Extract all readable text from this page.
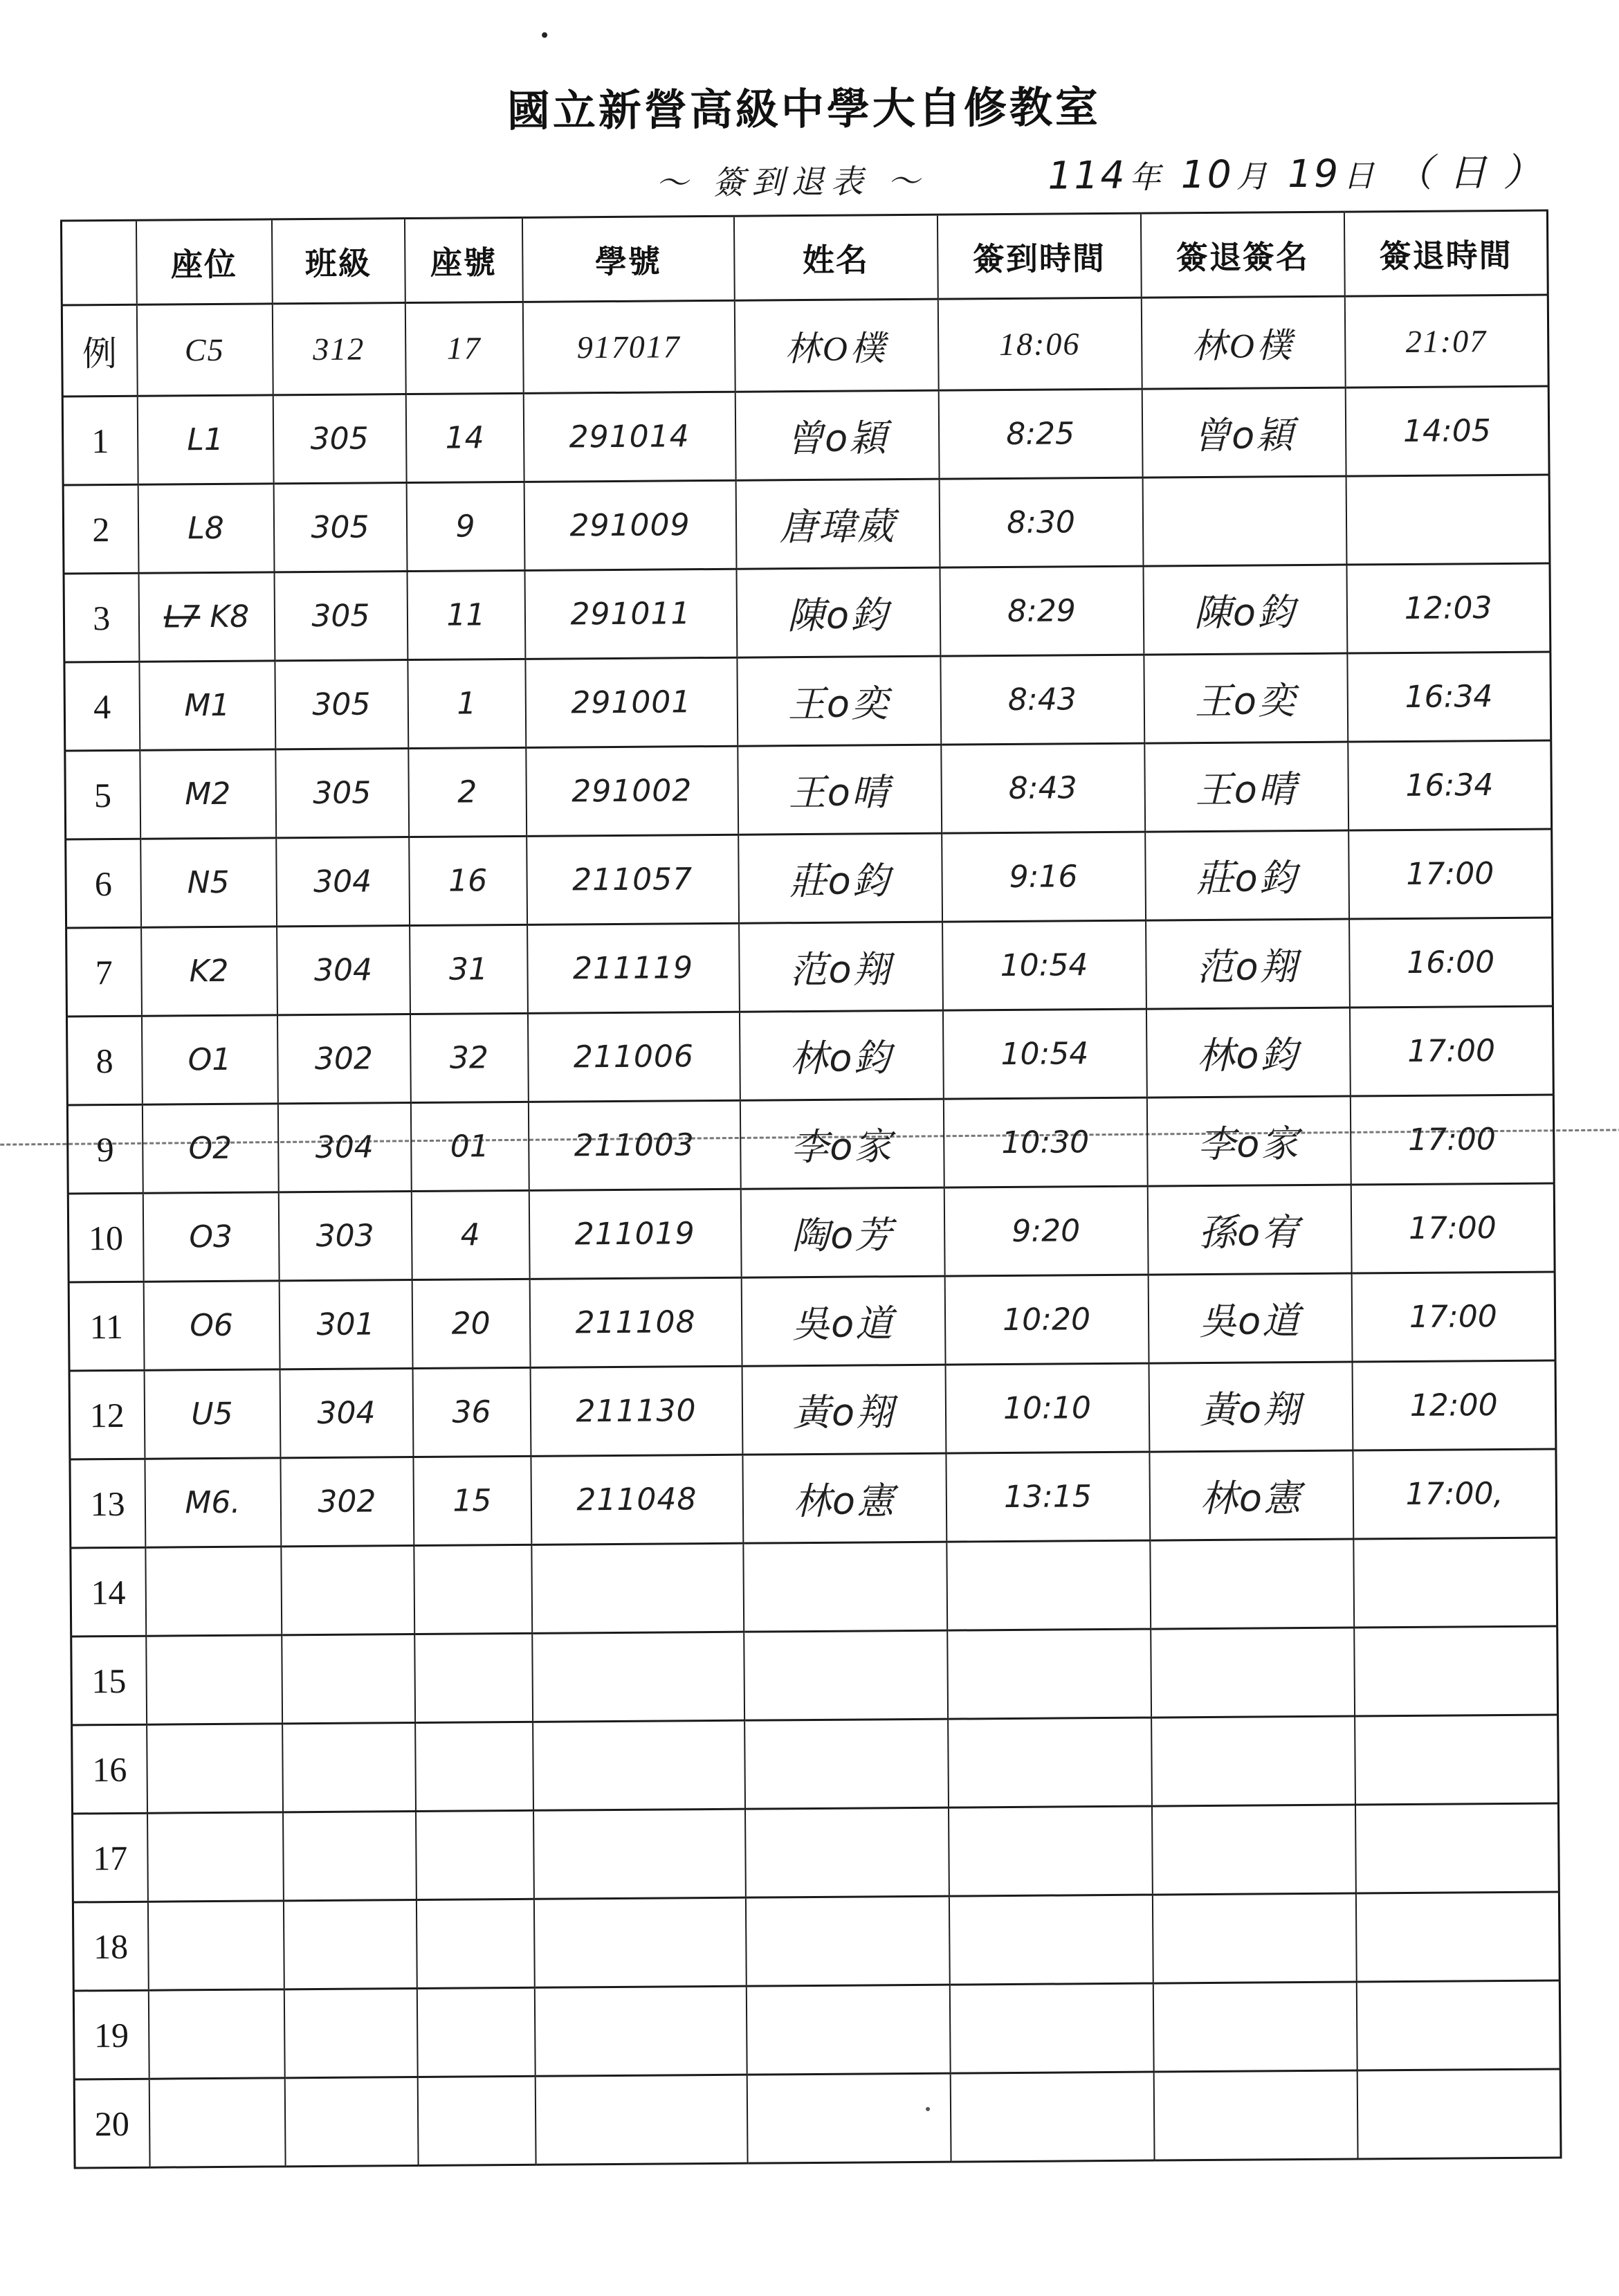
國立新營高級中學大自修教室
～ 簽到退表 ～	114年 10月 19日 （ 日 ）
	座位	班級	座號	學號	姓名	簽到時間	簽退簽名	簽退時間
例	C5	312	17	917017	林O樸	18:06	林O樸	21:07
1	L1	305	14	291014	曾o穎	8:25	曾o穎	14:05
2	L8	305	9	291009	唐瑋葳	8:30		
3	L7 K8	305	11	291011	陳o鈞	8:29	陳o鈞	12:03
4	M1	305	1	291001	王o奕	8:43	王o奕	16:34
5	M2	305	2	291002	王o晴	8:43	王o晴	16:34
6	N5	304	16	211057	莊o鈞	9:16	莊o鈞	17:00
7	K2	304	31	211119	范o翔	10:54	范o翔	16:00
8	O1	302	32	211006	林o鈞	10:54	林o鈞	17:00
9	O2	304	01	211003	李o家	10:30	李o家	17:00
10	O3	303	4	211019	陶o芳	9:20	孫o宥	17:00
11	O6	301	20	211108	吳o道	10:20	吳o道	17:00
12	U5	304	36	211130	黃o翔	10:10	黃o翔	12:00
13	M6.	302	15	211048	林o憲	13:15	林o憲	17:00,
14								
15								
16								
17								
18								
19								
20								
